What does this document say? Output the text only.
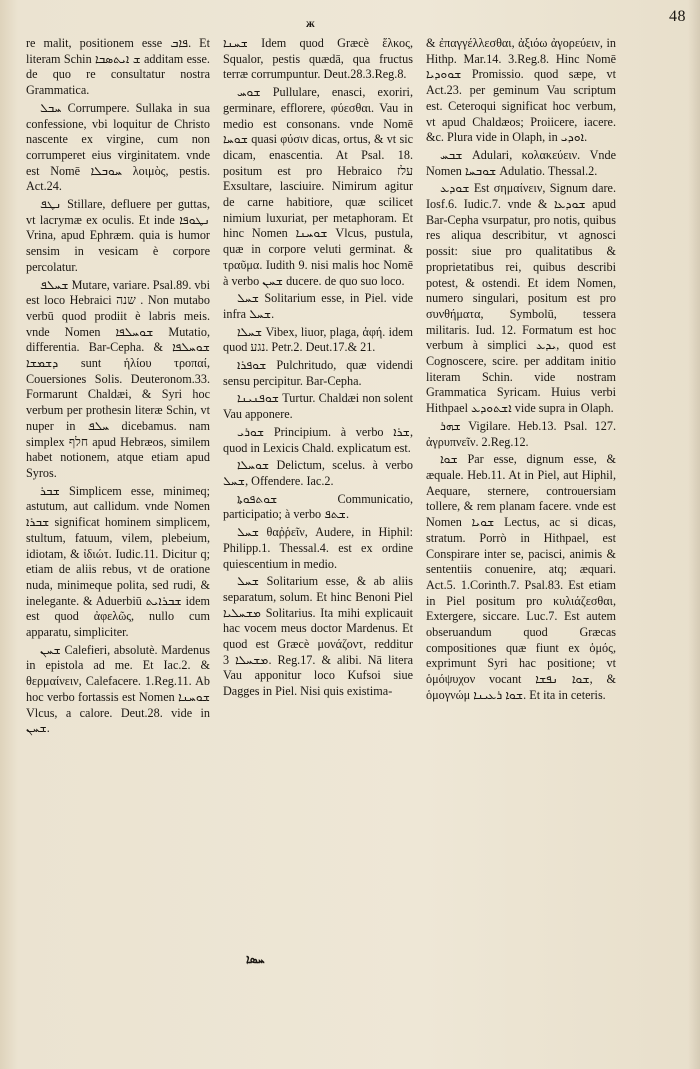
ж	48

re malit, positionem esse ܦܐܒ. Et literam Schin ܫ ܐܝܬܣܒܐ additam esse. de quo re consultatur nostra Grammatica.

ܚܒܠ Corrumpere. Sullaka in sua confessione, vbi loquitur de Christo nascente ex virgine, cum non corrumperet eius virginitatem. vnde est Nomē ܚܘܒܠܐ λοιμὸς, pestis. Act.24.

ܢܛܦ Stillare, defluere per guttas, vt lacrymæ ex oculis. Et inde ܢܛܘܦܐ Vrina, apud Ephræm. quia is humor sensim in vesicam è corpore percolatur.

ܫܚܠܦ Mutare, variare. Psal.89. vbi est loco Hebraici שנה . Non mutabo verbū quod prodiit è labris meis. vnde Nomen ܫܘܚܠܦܐ Mutatio, differentia. Bar-Cepha. & ܫܘܚܠܦܐ ܕܫܡܫܐ sunt ἡλίου τροπαί, Couersiones Solis. Deuteronom.33. Formarunt Chaldæi, & Syri hoc verbum per prothesin literæ Schin, vt nuper in ܚܠܦ dicebamus. nam simplex חלף apud Hebræos, similem habet notionem, atque etiam apud Syros.

ܫܒܪ Simplicem esse, minimeq; astutum, aut callidum. vnde Nomen ܫܒܪܐ significat hominem simplicem, stultum, fatuum, vilem, plebeium, idiotam, & ἰδιώτ. Iudic.11. Dicitur q; etiam de aliis rebus, vt de oratione nuda, minimeque polita, sed rudi, & inelegante. & Aduerbiū ܫܒܪܐܝܬ idem est quod ἀφελῶς, nullo cum apparatu, simpliciter.

ܫܚܢ Calefieri, absolutè. Mardenus in epistola ad me. Et Iac.2. & θερμαίνειν, Calefacere. 1.Reg.11. Ab hoc verbo fortassis est Nomen ܫܘܚܢܐ Vlcus, a calore. Deut.28. vide in ܫܚܢ.

ܫܚܢܐ Idem quod Græcè ἕλκος, Squalor, pestis quædā, qua fructus terræ corrumpuntur. Deut.28.3.Reg.8.

ܫܘܚ Pullulare, enasci, exoriri, germinare, efflorere, φύεσθαι. Vau in medio est consonans. vnde Nomē ܫܘܚܐ quasi φύσιν dicas, ortus, & vt sic dicam, enascentia. At Psal. 18. positum est pro Hebraico עלז Exsultare, lasciuire. Nimirum agitur de carne habitiore, quæ scilicet nimium luxuriat, per metaphoram. Et hinc Nomen ܫܘܚܢܐ Vlcus, pustula, quæ in corpore veluti germinat. & τραῦμα. Iudith 9. nisi malis hoc Nomē à verbo ܫܚܢ ducere. de quo suo loco.

ܫܚܠ Solitarium esse, in Piel. vide infra ܫܚܠ.

ܫܚܠܐ Vibex, liuor, plaga, ἀφή. idem quod נגע. Petr.2. Deut.17.& 21.

ܫܘܦܪܐ Pulchritudo, quæ videndi sensu percipitur. Bar-Cepha.

ܫܘܦܢܝܢܐ Turtur. Chaldæi non solent Vau apponere.

ܫܘܪܝ Principium. à verbo ܫܪܐ, quod in Lexicis Chald. explicatum est.

ܫܘܚܠܐ Delictum, scelus. à verbo ܫܚܠ, Offendere. Iac.2.

ܫܘܬܦܘܬܐ Communicatio, participatio; à verbo ܫܬܦ.

ܫܚܠ θαῤῥεῖν, Audere, in Hiphil: Philipp.1. Thessal.4. est ex ordine quiescentium in medio.

ܫܚܠ Solitarium esse, & ab aliis separatum, solum. Et hinc Benoni Piel ܡܫܚܠܝܐ Solitarius. Ita mihi explicauit hac vocem meus doctor Mardenus. Et quod est Græcè μονάζοντ, redditur ܡܫܚܠܐ 3. Reg.17. & alibi. Nā litera Vau apponitur loco Kufsoi siue Dagges in Piel. Nisi quis existima-

& ἐπαγγέλλεσθαι, ἀξιόω ἀγορεύειν, in Hithp. Mar.14. 3.Reg.8. Hinc Nomē ܫܘܘܕܝܐ Promissio. quod sæpe, vt Act.23. per geminum Vau scriptum est. Ceteroqui significat hoc verbum, vt apud Chaldæos; Proiicere, iacere. &c. Plura vide in Olaph, in ܐܘܕܝ.

ܫܒܚ Adulari, κολακεύειν. Vnde Nomen ܫܘܒܚܐ Adulatio. Thessal.2.

ܫܘܕܥ Est σημαίνειν, Signum dare. Iosf.6. Iudic.7. vnde & ܫܘܕܥܐ apud Bar-Cepha vsurpatur, pro notis, quibus res aliqua describitur, vt agnosci possit: siue pro qualitatibus & proprietatibus rei, quibus describi potest, & ostendi. Et idem Nomen, numero singulari, positum est pro συνθήματα, Symbolū, tessera militaris. Iud. 12. Formatum est hoc verbum à simplici ܝܕܥ, quod est Cognoscere, scire. per additam initio literam Schin. vide nostram Grammatica Syricam. Huius verbi Hithpael ܐܫܬܘܕܥ vide supra in Olaph.

ܫܗܪ Vigilare. Heb.13. Psal. 127. ἀγρυπνεῖν. 2.Reg.12.

ܫܘܐ Par esse, dignum esse, & æquale. Heb.11. At in Piel, aut Hiphil, Aequare, sternere, controuersiam tollere, & rem planam facere. vnde est Nomen ܫܘܝܐ Lectus, ac si dicas, stratum. Porrò in Hithpael, est Conspirare inter se, pacisci, animis & sententiis conuenire, atq; æquari. Act.5. 1.Corinth.7. Psal.83. Est etiam in Piel positum pro κυλιάζεσθαι, Extergere, siccare. Luc.7. Est autem obseruandum quod Græcas compositiones quæ fiunt ex ὁμός, exprimunt Syri hac positione; vt ὁμόψυχον vocant ܫܘܐ ܢܦܫܐ, & ὁμογνώμ ܫܘܐ ܪܥܝܢܐ. Et ita in ceteris.

ܚܣܐ
